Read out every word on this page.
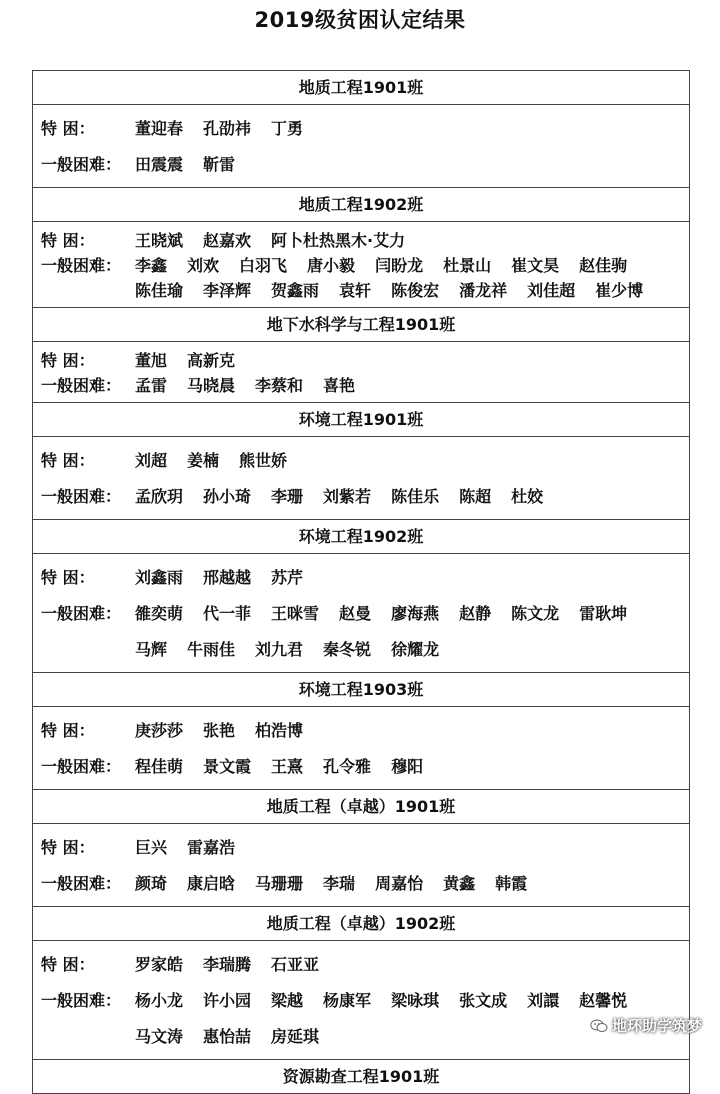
2019级贫困认定结果
地质工程1901班
特 困：	董迎春 孔劭祎 丁勇
一般困难： 田震震 靳雷
地质工程1902班
特 困：	王晓斌 赵嘉欢 阿卜杜热黑木·艾力
一般困难： 李鑫 刘欢 白羽飞 唐小毅 闫盼龙 杜景山 崔文昊 赵佳驹
陈佳瑜 李泽辉 贺鑫雨 袁轩 陈俊宏 潘龙祥 刘佳超 崔少博
地下水科学与工程1901班
特 困：	董旭 高新克
一般困难： 孟雷 马晓晨 李蔡和 喜艳
环境工程1901班
特 困：	刘超 姜楠 熊世娇
一般困难： 孟欣玥 孙小琦 李珊 刘紫若 陈佳乐 陈超 杜姣
环境工程1902班
特 困：	刘鑫雨 邢越越 苏芹
一般困难： 雒奕萌 代一菲 王咪雪 赵曼 廖海燕 赵静 陈文龙 雷耿坤
马辉 牛雨佳 刘九君 秦冬锐 徐耀龙
环境工程1903班
特 困：	庚莎莎 张艳 柏浩博
一般困难： 程佳萌 景文霞 王熹 孔令雅 穆阳
地质工程（卓越）1901班
特 困：	巨兴 雷嘉浩
一般困难： 颜琦 康启晗 马珊珊 李瑞 周嘉怡 黄鑫 韩霞
地质工程（卓越）1902班
特 困：	罗家皓 李瑞腾 石亚亚
一般困难： 杨小龙 许小园 梁越 杨康军 梁咏琪 张文成 刘譞 赵馨悦
马文涛 惠怡喆 房延琪
资源勘查工程1901班
地环助学筑梦
